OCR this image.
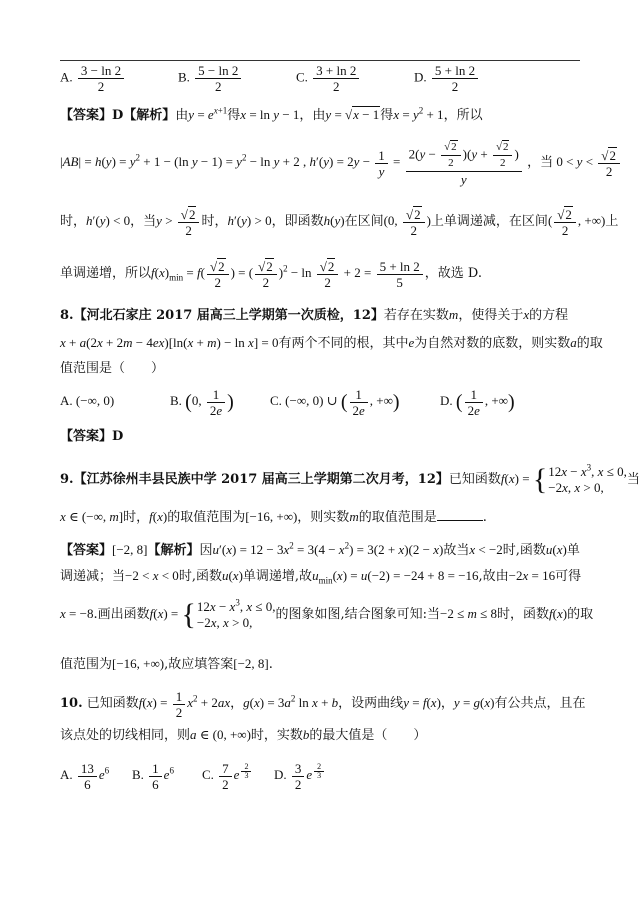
A. $\frac{3 - \ln 2}{2}$	B. $\frac{5 - \ln 2}{2}$	C. $\frac{3 + \ln 2}{2}$	D. $\frac{5 + \ln 2}{2}$
【答案】D【解析】由$y = e^{x+1}$得x = ln y − 1，由y = √x − 1得$x = y^2 + 1$，所以
$|AB| = h(y) = y^2 + 1 - (\ln$ $y - 1) = y^2 - \ln y + 2$ , $h'(y) = 2y - \frac{1}{y} = \frac{2(y - \frac{√2}{2} )(y + \frac{√2}{2} )}{y}$ ，当 $0 < y < \frac{√2}{2}$
时，h′(y) < 0，当$y > \frac{√2}{2}$ 时，h′(y) > 0，即函数h(y)在区间(0, $\frac{√2}{2}$ )上单调递减，在区间( $\frac{√2}{2}$ , +∞)上
单调递增，所以$f(x)_{min} = f( \frac{√2}{2}$ ) = ( $\frac{√2}{2} )^2 - \ln \frac{√2}{2} + 2 = \frac{5 + \ln 2}{5}$ ，故选 D.
8.【河北石家庄 2017 届高三上学期第一次质检，12】若存在实数m，使得关于x的方程
x + a(2x + 2m − 4ex)[ln(x + m) − ln x] = 0有两个不同的根，其中e为自然对数的底数，则实数a的取
值范围是（　　）
A. (−∞, 0)	B. (0, $\frac{1}{2e}$ )	C. (−∞, 0) ∪ ( $\frac{1}{2e}$ , +∞)	D. ( $\frac{1}{2e}$ , +∞)
【答案】D
9.【江苏徐州丰县民族中学 2017 届高三上学期第二次月考，12】已知函数$f(x) = \{12x - x^3$, x ≤ 0,
−2x, x > 0,当
x ∈ (−∞, m]时，f(x)的取值范围为[−16, +∞)，则实数m的取值范围是	.
【答案】[−2, 8]【解析】因$u'(x) = 12 - 3x^2 = 3(4 - x^2) = 3(2 + x)(2 - x)$故当x < −2时,函数u(x)单
调递减；当−2 < x < 0时,函数u(x)单调递增,故$u_{min}(x) = u(-2) = -24 + 8 = -16$,故由−2x = 16可得
x = −8.画出函数$f(x) = \{12x - x^3$, x ≤ 0,
−2x, x > 0,的图象如图,结合图象可知:当−2 ≤ m ≤ 8时，函数f(x)的取
值范围为[−16, +∞),故应填答案[−2, 8].
10. 已知函数$f(x) = \frac{1}{2} x^2 + 2ax$，$g(x) = 3a^2$ ln x + b，设两曲线y = f(x)，y = g(x)有公共点，且在
该点处的切线相同，则a ∈ (0, +∞)时，实数b的最大值是（　　）
A. $\frac{13}{6} e^6$ B. $\frac{1}{6} e^6$ C. $\frac{7}{2}$ e $^{\frac{2}{3}}$ D. $\frac{3}{2}$ e $^{\frac{2}{3}}$
